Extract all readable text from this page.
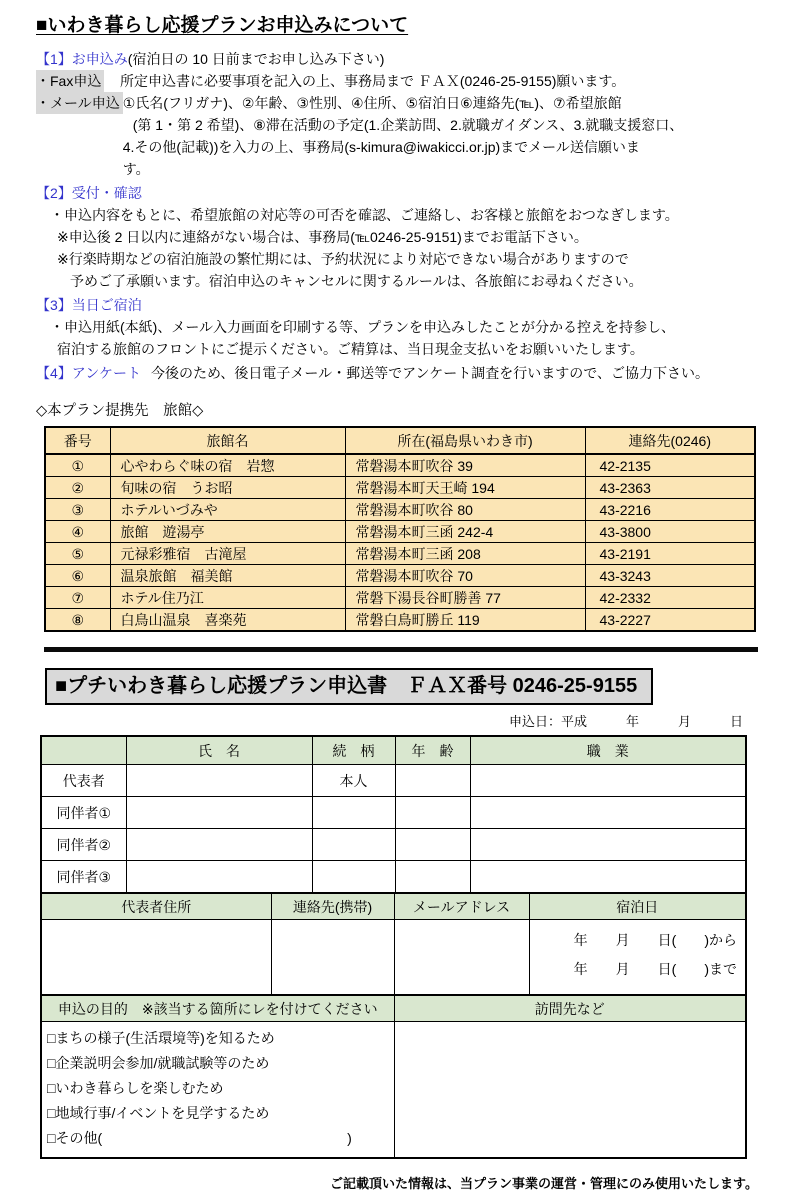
■いわき暮らし応援プランお申込みについて
【1】お申込み (宿泊日の 10 日前までお申し込み下さい)
・Fax申込	所定申込書に必要事項を記入の上、事務局まで ＦＡＸ(0246-25-9155)願います。
・メール申込 ①氏名(フリガナ)、②年齢、③性別、④住所、⑤宿泊日⑥連絡先(℡)、⑦希望旅館
(第 1・第 2 希望)、⑧滞在活動の予定(1.企業訪問、2.就職ガイダンス、3.就職支援窓口、
4.その他(記載))を入力の上、事務局(s-kimura@iwakicci.or.jp)までメール送信願いま
す。
【2】受付・確認
・申込内容をもとに、希望旅館の対応等の可否を確認、ご連絡し、お客様と旅館をおつなぎします。
※申込後 2 日以内に連絡がない場合は、事務局(℡0246-25-9151)までお電話下さい。
※行楽時期などの宿泊施設の繁忙期には、予約状況により対応できない場合がありますので
予めご了承願います。宿泊申込のキャンセルに関するルールは、各旅館にお尋ねください。
【3】当日ご宿泊
・申込用紙(本紙)、メール入力画面を印刷する等、プランを申込みしたことが分かる控えを持参し、
宿泊する旅館のフロントにご提示ください。ご精算は、当日現金支払いをお願いいたします。
【4】アンケート 今後のため、後日電子メール・郵送等でアンケート調査を行いますので、ご協力下さい。
◇本プラン提携先　旅館◇
番号	旅館名	所在(福島県いわき市)	連絡先(0246)
①	心やわらぐ味の宿　岩惣	常磐湯本町吹谷 39	42-2135
②	旬味の宿　うお昭	常磐湯本町天王崎 194	43-2363
③	ホテルいづみや	常磐湯本町吹谷 80	43-2216
④	旅館　遊湯亭	常磐湯本町三函 242-4	43-3800
⑤	元禄彩雅宿　古滝屋	常磐湯本町三函 208	43-2191
⑥	温泉旅館　福美館	常磐湯本町吹谷 70	43-3243
⑦	ホテル住乃江	常磐下湯長谷町勝善 77	42-2332
⑧	白鳥山温泉　喜楽苑	常磐白鳥町勝丘 119	43-2227
■プチいわき暮らし応援プラン申込書　ＦＡＸ番号 0246-25-9155
申込日：平成　　　年　　　月　　　日
	氏　名	続　柄	年　齢	職　業
代表者		本人		
同伴者①				
同伴者②				
同伴者③				
代表者住所	連絡先(携帯)	メールアドレス	宿泊日

			年　　月　　日(　　)から
年　　月　　日(　　)まで
申込の目的　※該当する箇所にレを付けてください	訪問先など

□まちの様子(生活環境等)を知るため
□企業説明会参加/就職試験等のため
□いわき暮らしを楽しむため
□地域行事/イベントを見学するため
□その他(	)

ご記載頂いた情報は、当プラン事業の運営・管理にのみ使用いたします。
